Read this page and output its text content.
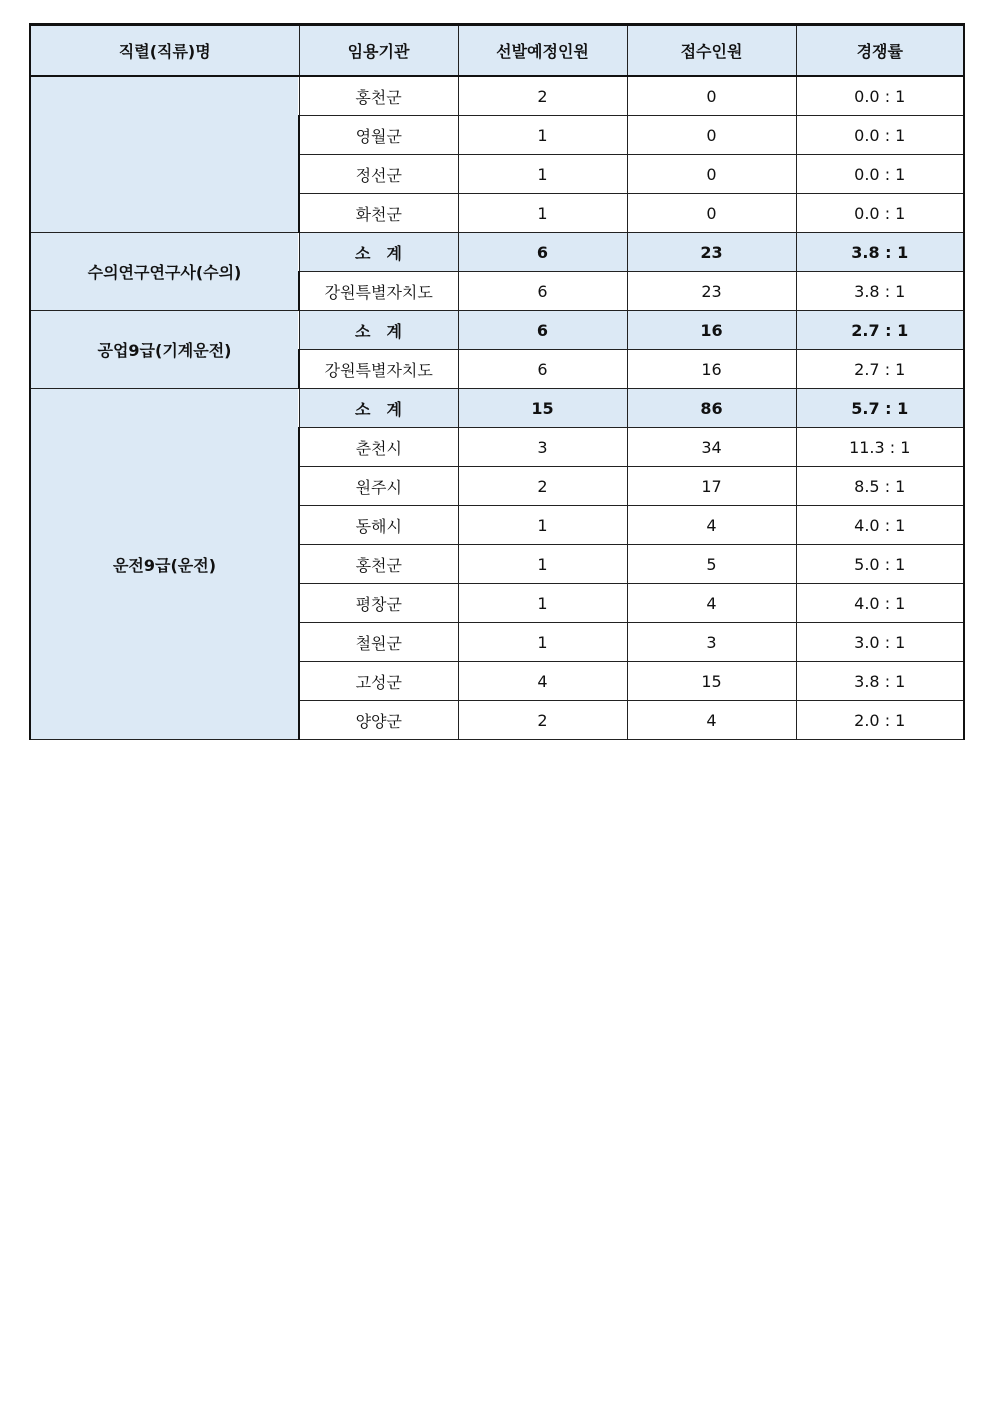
직렬(직류)명	임용기관	선발예정인원	접수인원	경쟁률

	홍천군	2	0	0.0 : 1
	영월군	1	0	0.0 : 1
	정선군	1	0	0.0 : 1
	화천군	1	0	0.0 : 1
수의연구연구사(수의)	소　계	6	23	3.8 : 1
	강원특별자치도	6	23	3.8 : 1
공업9급(기계운전)	소　계	6	16	2.7 : 1
	강원특별자치도	6	16	2.7 : 1
운전9급(운전)	소　계	15	86	5.7 : 1
	춘천시	3	34	11.3 : 1
	원주시	2	17	8.5 : 1
	동해시	1	4	4.0 : 1
	홍천군	1	5	5.0 : 1
	평창군	1	4	4.0 : 1
	철원군	1	3	3.0 : 1
	고성군	4	15	3.8 : 1
	양양군	2	4	2.0 : 1
